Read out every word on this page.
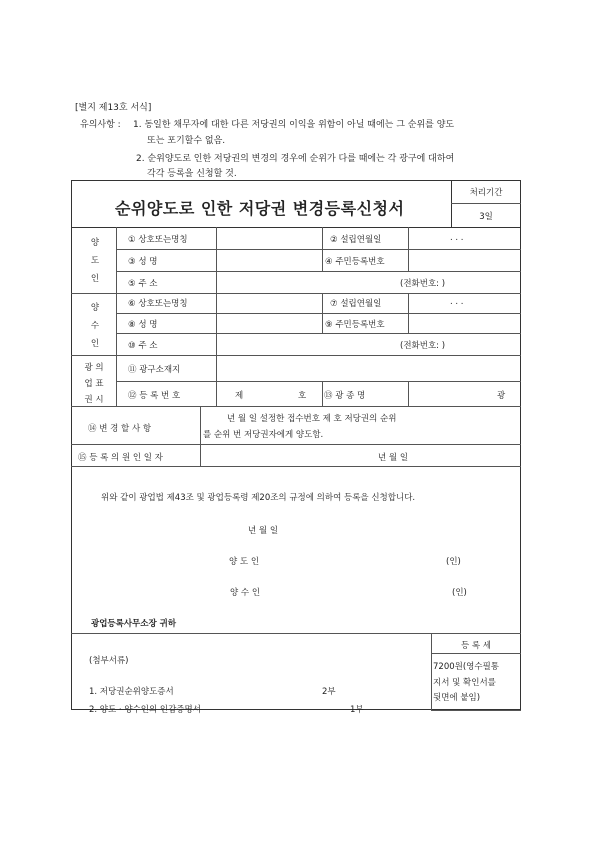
[별지 제13호 서식]
유의사항 : 1. 동일한 채무자에 대한 다른 저당권의 이익을 위함이 아닐 때에는 그 순위를 양도
또는 포기할수 없음.
2. 순위양도로 인한 저당권의 변경의 경우에 순위가 다를 때에는 각 광구에 대하여
각각 등록을 신청할 것.
순위양도로 인한 저당권 변경등록신청서
처리기간
3일
양
도
인
① 상호또는명칭	② 설립연월일	. . .
③ 성 명	④ 주민등록번호
⑤ 주 소	(전화번호: )
양
수
인
⑥ 상호또는명칭	⑦ 설립연월일	. . .
⑧ 성 명	⑨ 주민등록번호
⑩ 주 소	(전화번호: )
광 의
업 표
권 시
⑪ 광구소재지
⑫ 등 록 번 호	제	호 ⑬ 광 종 명	광
⑭ 변 경 할 사 항
년 월 일 설정한 접수번호 제 호 저당권의 순위
를 순위 번 저당권자에게 양도함.
⑮ 등 록 의 원 인 일 자	년 월 일
위와 같이 광업법 제43조 및 광업등록령 제20조의 규정에 의하여 등록을 신청합니다.
년 월 일
양 도 인	(인)
양 수 인	(인)
광업등록사무소장 귀하
등 록 세
7200원(영수필통
지서 및 확인서를
뒷면에 붙임)
(첨부서류)
1. 저당권순위양도증서	2부
2. 양도 · 양수인의 인감증명서	1부
